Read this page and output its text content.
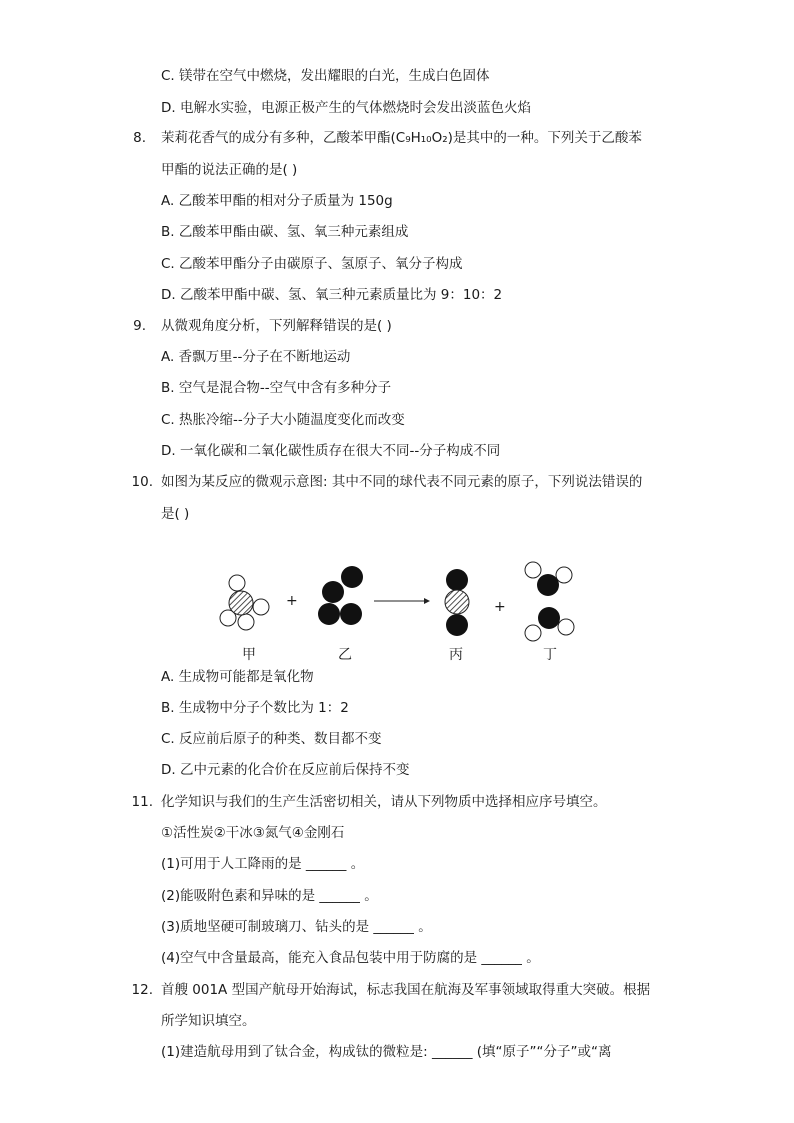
C. 镁带在空气中燃烧，发出耀眼的白光，生成白色固体
D. 电解水实验，电源正极产生的气体燃烧时会发出淡蓝色火焰
8. 茉莉花香气的成分有多种，乙酸苯甲酯(C₉H₁₀O₂)是其中的一种。下列关于乙酸苯
甲酯的说法正确的是( )
A. 乙酸苯甲酯的相对分子质量为 150g
B. 乙酸苯甲酯由碳、氢、氧三种元素组成
C. 乙酸苯甲酯分子由碳原子、氢原子、氧分子构成
D. 乙酸苯甲酯中碳、氢、氧三种元素质量比为 9：10：2
9. 从微观角度分析，下列解释错误的是( )
A. 香飘万里--分子在不断地运动
B. 空气是混合物--空气中含有多种分子
C. 热胀冷缩--分子大小随温度变化而改变
D. 一氧化碳和二氧化碳性质存在很大不同--分子构成不同
10. 如图为某反应的微观示意图: 其中不同的球代表不同元素的原子，下列说法错误的
是( )
+	+
甲	乙	丙	丁
A. 生成物可能都是氧化物
B. 生成物中分子个数比为 1：2
C. 反应前后原子的种类、数目都不变
D. 乙中元素的化合价在反应前后保持不变
11. 化学知识与我们的生产生活密切相关，请从下列物质中选择相应序号填空。
①活性炭②干冰③氮气④金刚石
(1)可用于人工降雨的是 ______ 。
(2)能吸附色素和异味的是 ______ 。
(3)质地坚硬可制玻璃刀、钻头的是 ______ 。
(4)空气中含量最高，能充入食品包装中用于防腐的是 ______ 。
12. 首艘 001A 型国产航母开始海试，标志我国在航海及军事领域取得重大突破。根据
所学知识填空。
(1)建造航母用到了钛合金，构成钛的微粒是: ______ (填“原子”“分子”或“离
